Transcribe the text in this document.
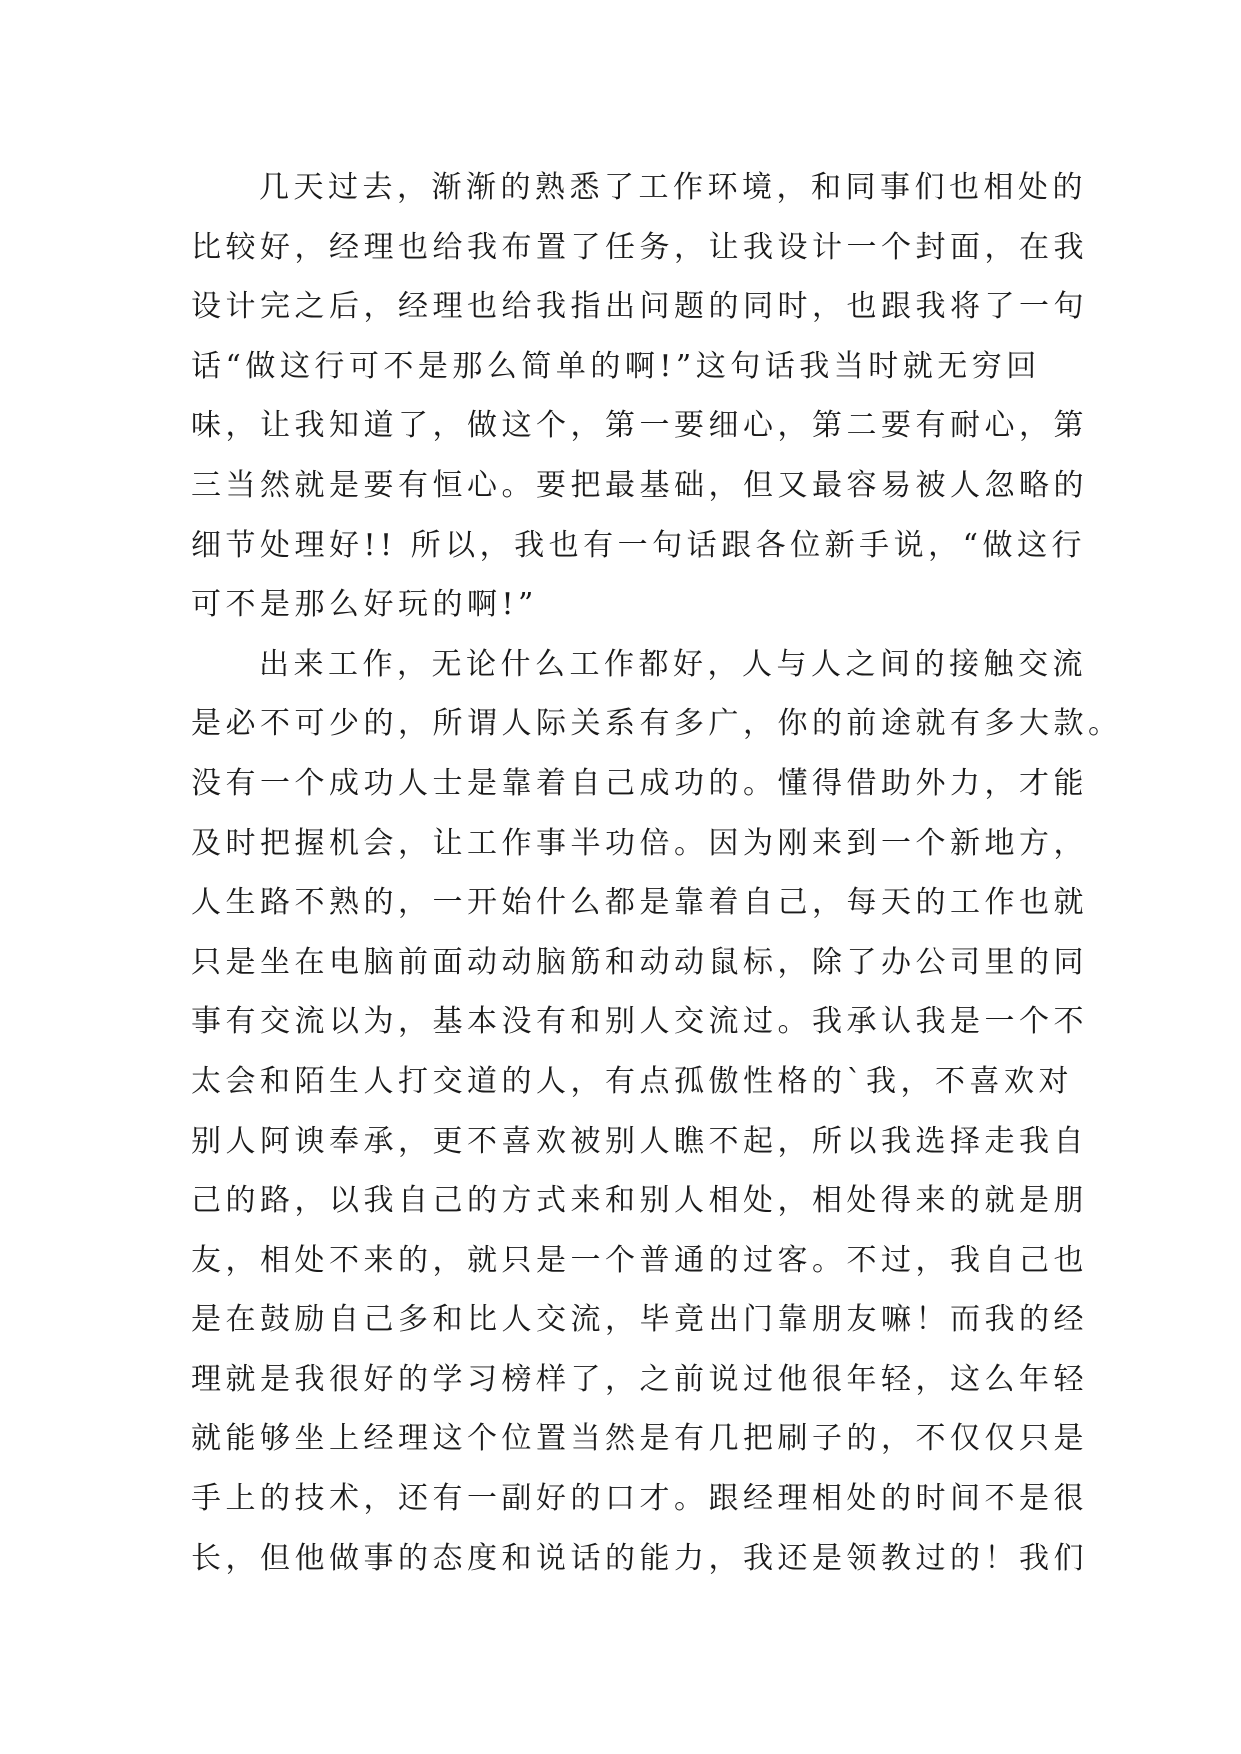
几天过去，渐渐的熟悉了工作环境，和同事们也相处的
比较好，经理也给我布置了任务，让我设计一个封面，在我
设计完之后，经理也给我指出问题的同时，也跟我将了一句
话“做这行可不是那么简单的啊!”这句话我当时就无穷回
味，让我知道了，做这个，第一要细心，第二要有耐心，第
三当然就是要有恒心。要把最基础，但又最容易被人忽略的
细节处理好!! 所以，我也有一句话跟各位新手说，“做这行
可不是那么好玩的啊!”
出来工作，无论什么工作都好，人与人之间的接触交流
是必不可少的，所谓人际关系有多广，你的前途就有多大款。
没有一个成功人士是靠着自己成功的。懂得借助外力，才能
及时把握机会，让工作事半功倍。因为刚来到一个新地方，
人生路不熟的，一开始什么都是靠着自己，每天的工作也就
只是坐在电脑前面动动脑筋和动动鼠标，除了办公司里的同
事有交流以为，基本没有和别人交流过。我承认我是一个不
太会和陌生人打交道的人，有点孤傲性格的`我，不喜欢对
别人阿谀奉承，更不喜欢被别人瞧不起，所以我选择走我自
己的路，以我自己的方式来和别人相处，相处得来的就是朋
友，相处不来的，就只是一个普通的过客。不过，我自己也
是在鼓励自己多和比人交流，毕竟出门靠朋友嘛！而我的经
理就是我很好的学习榜样了，之前说过他很年轻，这么年轻
就能够坐上经理这个位置当然是有几把刷子的，不仅仅只是
手上的技术，还有一副好的口才。跟经理相处的时间不是很
长，但他做事的态度和说话的能力，我还是领教过的！我们
